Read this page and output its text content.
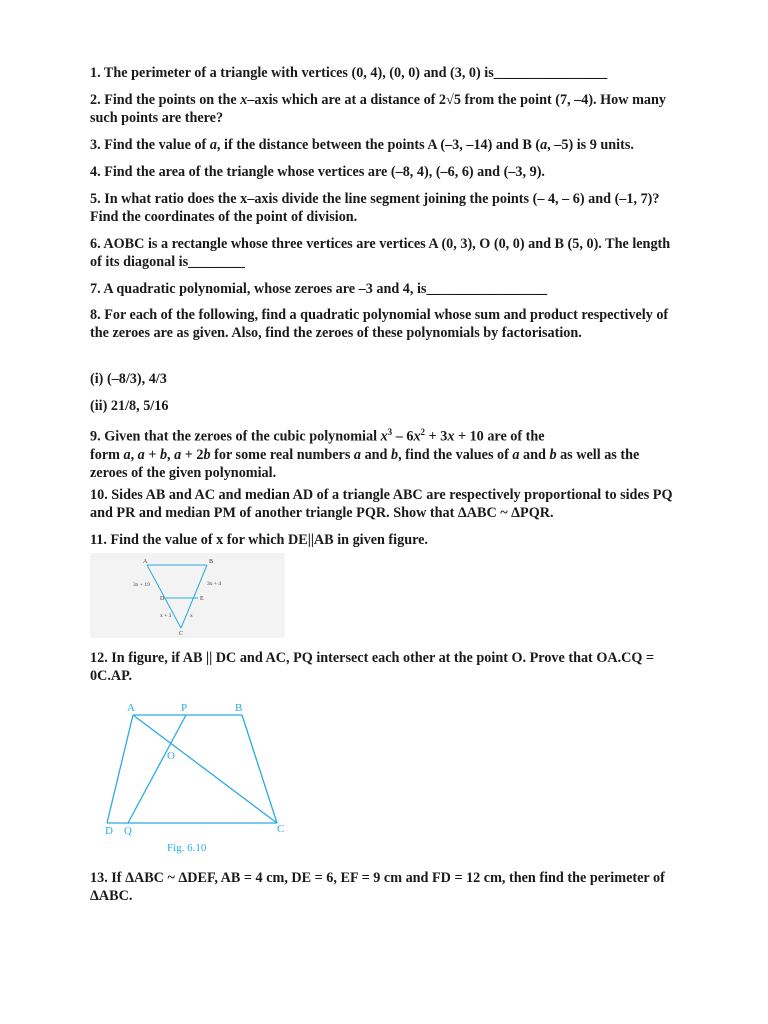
1. The perimeter of a triangle with vertices (0, 4), (0, 0) and (3, 0) is________________

2. Find the points on the x–axis which are at a distance of 2√5 from the point (7, –4). How many such points are there?

3. Find the value of a, if the distance between the points A (–3, –14) and B (a, –5) is 9 units.

4. Find the area of the triangle whose vertices are (–8, 4), (–6, 6) and (–3, 9).

5. In what ratio does the x–axis divide the line segment joining the points (– 4, – 6) and (–1, 7)? Find the coordinates of the point of division.

6. AOBC is a rectangle whose three vertices are vertices A (0, 3), O (0, 0) and B (5, 0). The length of its diagonal is________

7. A quadratic polynomial, whose zeroes are –3 and 4, is_________________

8. For each of the following, find a quadratic polynomial whose sum and product respectively of the zeroes are as given. Also, find the zeroes of these polynomials by factorisation.

(i) (–8/3), 4/3

(ii) 21/8, 5/16

9. Given that the zeroes of the cubic polynomial $x^3 - 6x^2 + 3x + 10$ are of the
form a, a + b, a + 2b for some real numbers a and b, find the values of a and b as well as the zeroes of the given polynomial.

10. Sides AB and AC and median AD of a triangle ABC are respectively proportional to sides PQ and PR and median PM of another triangle PQR. Show that ΔABC ~ ΔPQR.

11. Find the value of x for which DE||AB in given figure.

A	B
D	E
C
3x + 19	3x + 4
x + 3	x

12. In figure, if AB || DC and AC, PQ intersect each other at the point O. Prove that OA.CQ = 0C.AP.

A	P	B
O
D Q	C
Fig. 6.10

13. If ΔABC ~ ΔDEF, AB = 4 cm, DE = 6, EF = 9 cm and FD = 12 cm, then find the perimeter of ΔABC.
